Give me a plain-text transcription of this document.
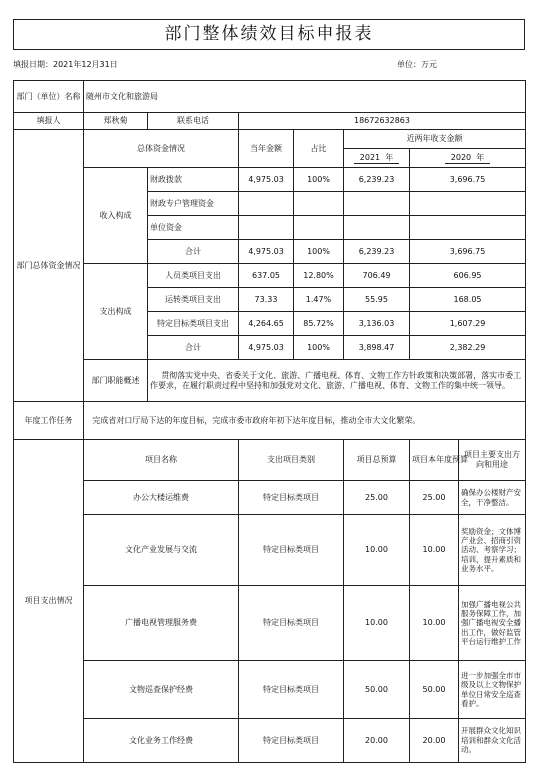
部门整体绩效目标申报表
填报日期：2021年12月31日	单位：万元
部门（单位）名称	随州市文化和旅游局						
填报人	郑秋菊	联系电话	18672632863				
部门总体资金情况	总体资金情况		当年金额	占比	近两年收支金额		
					2021 年	2020 年	
	收入构成	财政拨款	4,975.03	100%	6,239.23	3,696.75	
		财政专户管理资金					
		单位资金					
		合计	4,975.03	100%	6,239.23	3,696.75	
	支出构成	人员类项目支出	637.05	12.80%	706.49	606.95	
		运转类项目支出	73.33	1.47%	55.95	168.05	
		特定目标类项目支出	4,264.65	85.72%	3,136.03	1,607.29	
		合计	4,975.03	100%	3,898.47	2,382.29	
	部门职能概述	贯彻落实党中央、省委关于文化、旅游、广播电视、体育、文物工作方针政策和决策部署，落实市委工作要求，在履行职责过程中坚持和加强党对文化、旅游、广播电视、体育、文物工作的集中统一领导。					
年度工作任务	完成省对口厅局下达的年度目标，完成市委市政府年初下达年度目标，推动全市大文化繁荣。						
项目支出情况	项目名称		支出项目类别		项目总预算	项目本年度预算	项目主要支出方向和用途
	办公大楼运维费		特定目标类项目		25.00	25.00	确保办公楼财产安全，干净整洁。
	文化产业发展与交流		特定目标类项目		10.00	10.00	奖励资金；文体博产业会、招商引资活动、考察学习；培训，提升素质和业务水平。
	广播电视管理服务费		特定目标类项目		10.00	10.00	加强广播电视公共服务保障工作，加强广播电视安全播出工作，做好监管平台运行维护工作
	文物巡查保护经费		特定目标类项目		50.00	50.00	进一步加强全市市级及以上文物保护单位日常安全巡查看护。
	文化业务工作经费		特定目标类项目		20.00	20.00	开展群众文化知识培训和群众文化活动。
